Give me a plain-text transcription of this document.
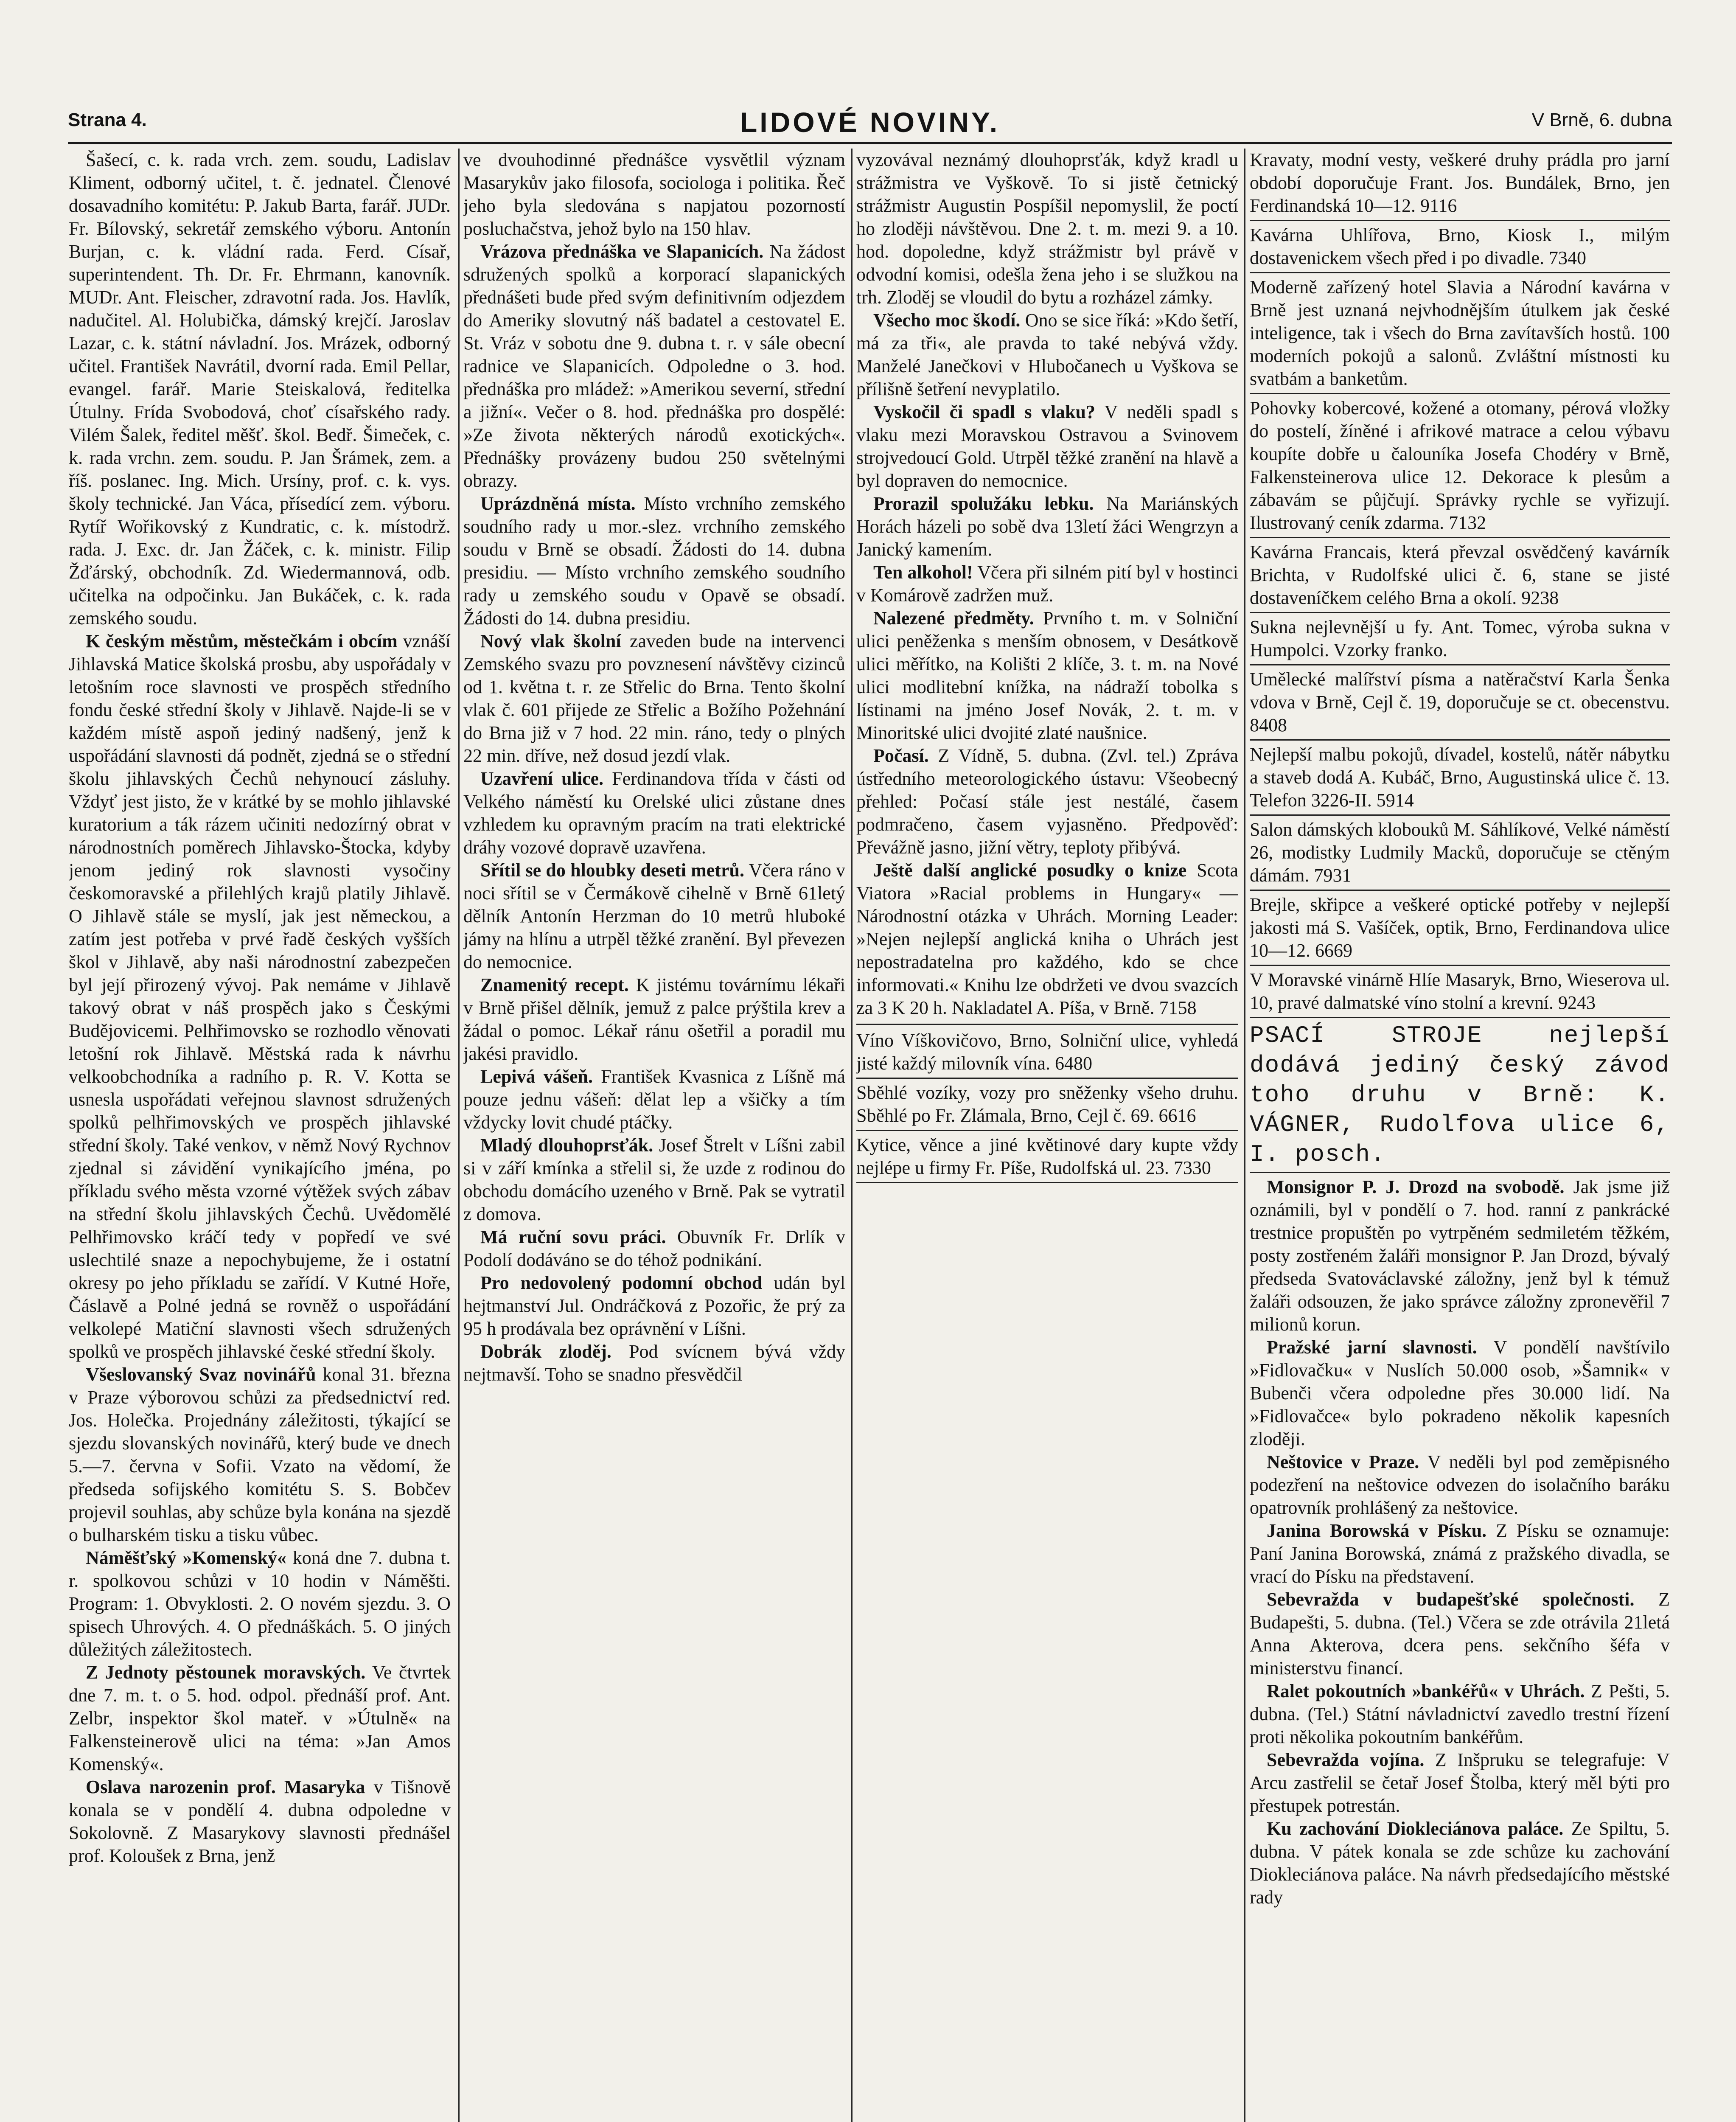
Strana 4.	LIDOVÉ NOVINY.	V Brně, 6. dubna

Šašecí, c. k. rada vrch. zem. soudu, Ladislav Kliment, odborný učitel, t. č. jednatel. Členové dosavadního komitétu: P. Jakub Barta, farář. JUDr. Fr. Bílovský, sekretář zemského výboru. Antonín Burjan, c. k. vládní rada. Ferd. Císař, superintendent. Th. Dr. Fr. Ehrmann, kanovník. MUDr. Ant. Fleischer, zdravotní rada. Jos. Havlík, nadučitel. Al. Holubička, dámský krejčí. Jaroslav Lazar, c. k. státní návladní. Jos. Mrázek, odborný učitel. František Navrátil, dvorní rada. Emil Pellar, evangel. farář. Marie Steiskalová, ředitelka Útulny. Frída Svobodová, choť císařského rady. Vilém Šalek, ředitel měšť. škol. Bedř. Šimeček, c. k. rada vrchn. zem. soudu. P. Jan Šrámek, zem. a říš. poslanec. Ing. Mich. Ursíny, prof. c. k. vys. školy technické. Jan Váca, přísedící zem. výboru. Rytíř Wořikovský z Kundratic, c. k. místodrž. rada. J. Exc. dr. Jan Žáček, c. k. ministr. Filip Žďárský, obchodník. Zd. Wiedermannová, odb. učitelka na odpočinku. Jan Bukáček, c. k. rada zemského soudu.

K českým městům, městečkám i obcím vznáší Jihlavská Matice školská prosbu, aby uspořádaly v letošním roce slavnosti ve prospěch středního fondu české střední školy v Jihlavě. Najde-li se v každém místě aspoň jediný nadšený, jenž k uspořádání slavnosti dá podnět, zjedná se o střední školu jihlavských Čechů nehynoucí zásluhy. Vždyť jest jisto, že v krátké by se mohlo jihlavské kuratorium a ták rázem učiniti nedozírný obrat v národnostních poměrech Jihlavsko-Štocka, kdyby jenom jediný rok slavnosti vysočiny českomoravské a přilehlých krajů platily Jihlavě. O Jihlavě stále se myslí, jak jest německou, a zatím jest potřeba v prvé řadě českých vyšších škol v Jihlavě, aby naši národnostní zabezpečen byl její přirozený vývoj. Pak nemáme v Jihlavě takový obrat v náš prospěch jako s Českými Budějovicemi. Pelhřimovsko se rozhodlo věnovati letošní rok Jihlavě. Městská rada k návrhu velkoobchodníka a radního p. R. V. Kotta se usnesla uspořádati veřejnou slavnost sdružených spolků pelhřimovských ve prospěch jihlavské střední školy. Také venkov, v němž Nový Rychnov zjednal si závidění vynikajícího jména, po příkladu svého města vzorné výtěžek svých zábav na střední školu jihlavských Čechů. Uvědomělé Pelhřimovsko kráčí tedy v popředí ve své uslechtilé snaze a nepochybujeme, že i ostatní okresy po jeho příkladu se zařídí. V Kutné Hoře, Čáslavě a Polné jedná se rovněž o uspořádání velkolepé Matiční slavnosti všech sdružených spolků ve prospěch jihlavské české střední školy.

Všeslovanský Svaz novinářů konal 31. března v Praze výborovou schůzi za předsednictví red. Jos. Holečka. Projednány záležitosti, týkající se sjezdu slovanských novinářů, který bude ve dnech 5.—7. června v Sofii. Vzato na vědomí, že předseda sofijského komitétu S. S. Bobčev projevil souhlas, aby schůze byla konána na sjezdě o bulharském tisku a tisku vůbec.

Náměšťský »Komenský« koná dne 7. dubna t. r. spolkovou schůzi v 10 hodin v Náměšti. Program: 1. Obvyklosti. 2. O novém sjezdu. 3. O spisech Uhrových. 4. O přednáškách. 5. O jiných důležitých záležitostech.

Z Jednoty pěstounek moravských. Ve čtvrtek dne 7. m. t. o 5. hod. odpol. přednáší prof. Ant. Zelbr, inspektor škol mateř. v »Útulně« na Falkensteinerově ulici na téma: »Jan Amos Komenský«.

Oslava narozenin prof. Masaryka v Tišnově konala se v pondělí 4. dubna odpoledne v Sokolovně. Z Masarykovy slavnosti přednášel prof. Koloušek z Brna, jenž

ve dvouhodinné přednášce vysvětlil význam Masarykův jako filosofa, sociologa i politika. Řeč jeho byla sledována s napjatou pozorností posluchačstva, jehož bylo na 150 hlav.

Vrázova přednáška ve Slapanicích. Na žádost sdružených spolků a korporací slapanických přednášeti bude před svým definitivním odjezdem do Ameriky slovutný náš badatel a cestovatel E. St. Vráz v sobotu dne 9. dubna t. r. v sále obecní radnice ve Slapanicích. Odpoledne o 3. hod. přednáška pro mládež: »Amerikou severní, střední a jižní«. Večer o 8. hod. přednáška pro dospělé: »Ze života některých národů exotických«. Přednášky provázeny budou 250 světelnými obrazy.

Uprázdněná místa. Místo vrchního zemského soudního rady u mor.-slez. vrchního zemského soudu v Brně se obsadí. Žádosti do 14. dubna presidiu. — Místo vrchního zemského soudního rady u zemského soudu v Opavě se obsadí. Žádosti do 14. dubna presidiu.

Nový vlak školní zaveden bude na intervenci Zemského svazu pro povznesení návštěvy cizinců od 1. května t. r. ze Střelic do Brna. Tento školní vlak č. 601 přijede ze Střelic a Božího Požehnání do Brna již v 7 hod. 22 min. ráno, tedy o plných 22 min. dříve, než dosud jezdí vlak.

Uzavření ulice. Ferdinandova třída v části od Velkého náměstí ku Orelské ulici zůstane dnes vzhledem ku opravným pracím na trati elektrické dráhy vozové dopravě uzavřena.

Sřítil se do hloubky deseti metrů. Včera ráno v noci sřítil se v Čermákově cihelně v Brně 61letý dělník Antonín Herzman do 10 metrů hluboké jámy na hlínu a utrpěl těžké zranění. Byl převezen do nemocnice.

Znamenitý recept. K jistému továrnímu lékaři v Brně přišel dělník, jemuž z palce prýštila krev a žádal o pomoc. Lékař ránu ošetřil a poradil mu jakési pravidlo.

Lepivá vášeň. František Kvasnica z Líšně má pouze jednu vášeň: dělat lep a všičky a tím vždycky lovit chudé ptáčky.

Mladý dlouhoprsťák. Josef Štrelt v Líšni zabil si v září kmínka a střelil si, že uzde z rodinou do obchodu domácího uzeného v Brně. Pak se vytratil z domova.

Má ruční sovu práci. Obuvník Fr. Drlík v Podolí dodáváno se do téhož podnikání.

Pro nedovolený podomní obchod udán byl hejtmanství Jul. Ondráčková z Pozořic, že prý za 95 h prodávala bez oprávnění v Líšni.

Dobrák zloděj. Pod svícnem bývá vždy nejtmavší. Toho se snadno přesvědčil

vyzovával neznámý dlouhoprsťák, když kradl u strážmistra ve Vyškově. To si jistě četnický strážmistr Augustin Pospíšil nepomyslil, že poctí ho zloději návštěvou. Dne 2. t. m. mezi 9. a 10. hod. dopoledne, když strážmistr byl právě v odvodní komisi, odešla žena jeho i se služkou na trh. Zloděj se vloudil do bytu a rozházel zámky.

Všecho moc škodí. Ono se sice říká: »Kdo šetří, má za tři«, ale pravda to také nebývá vždy. Manželé Janečkovi v Hlubočanech u Vyškova se přílišně šetření nevyplatilo.

Vyskočil či spadl s vlaku? V neděli spadl s vlaku mezi Moravskou Ostravou a Svinovem strojvedoucí Gold. Utrpěl těžké zranění na hlavě a byl dopraven do nemocnice.

Prorazil spolužáku lebku. Na Mariánských Horách házeli po sobě dva 13letí žáci Wengrzyn a Janický kamením.

Ten alkohol! Včera při silném pití byl v hostinci v Komárově zadržen muž.

Nalezené předměty. Prvního t. m. v Solniční ulici peněženka s menším obnosem, v Desátkově ulici měřítko, na Kolišti 2 klíče, 3. t. m. na Nové ulici modlitební knížka, na nádraží tobolka s lístinami na jméno Josef Novák, 2. t. m. v Minoritské ulici dvojité zlaté naušnice.

Počasí. Z Vídně, 5. dubna. (Zvl. tel.) Zpráva ústředního meteorologického ústavu: Všeobecný přehled: Počasí stále jest nestálé, časem podmračeno, časem vyjasněno. Předpověď: Převážně jasno, jižní větry, teploty přibývá.

Ještě další anglické posudky o knize Scota Viatora »Racial problems in Hungary« — Národnostní otázka v Uhrách. Morning Leader: »Nejen nejlepší anglická kniha o Uhrách jest nepostradatelna pro každého, kdo se chce informovati.« Knihu lze obdržeti ve dvou svazcích za 3 K 20 h. Nakladatel A. Píša, v Brně. 7158

Víno Víškovičovo, Brno, Solniční ulice, vyhledá jisté každý milovník vína. 6480

Sběhlé vozíky, vozy pro sněženky všeho druhu. Sběhlé po Fr. Zlámala, Brno, Cejl č. 69. 6616

Kytice, věnce a jiné květinové dary kupte vždy nejlépe u firmy Fr. Píše, Rudolfská ul. 23. 7330

Kravaty, modní vesty, veškeré druhy prádla pro jarní období doporučuje Frant. Jos. Bundálek, Brno, jen Ferdinandská 10—12. 9116

Kavárna Uhlířova, Brno, Kiosk I., milým dostavenickem všech před i po divadle. 7340

Moderně zařízený hotel Slavia a Národní kavárna v Brně jest uznaná nejvhodnějším útulkem jak české inteligence, tak i všech do Brna zavítavších hostů. 100 moderních pokojů a salonů. Zvláštní místnosti ku svatbám a banketům.

Pohovky kobercové, kožené a otomany, pérová vložky do postelí, žíněné i afrikové matrace a celou výbavu koupíte dobře u čalouníka Josefa Chodéry v Brně, Falkensteinerova ulice 12. Dekorace k plesům a zábavám se půjčují. Správky rychle se vyřizují. Ilustrovaný ceník zdarma. 7132

Kavárna Francais, která převzal osvědčený kavárník Brichta, v Rudolfské ulici č. 6, stane se jisté dostaveníčkem celého Brna a okolí. 9238

Sukna nejlevnější u fy. Ant. Tomec, výroba sukna v Humpolci. Vzorky franko.

Umělecké malířství písma a natěračství Karla Šenka vdova v Brně, Cejl č. 19, doporučuje se ct. obecenstvu. 8408

Nejlepší malbu pokojů, dívadel, kostelů, nátěr nábytku a staveb dodá A. Kubáč, Brno, Augustinská ulice č. 13. Telefon 3226-II. 5914

Salon dámských klobouků M. Sáhlíkové, Velké náměstí 26, modistky Ludmily Macků, doporučuje se ctěným dámám. 7931

Brejle, skřipce a veškeré optické potřeby v nejlepší jakosti má S. Vašíček, optik, Brno, Ferdinandova ulice 10—12. 6669

V Moravské vinárně Hlíe Masaryk, Brno, Wieserova ul. 10, pravé dalmatské víno stolní a krevní. 9243

PSACÍ STROJE nejlepší dodává jediný český závod toho druhu v Brně: K. VÁGNER, Rudolfova ulice 6, I. posch.

Monsignor P. J. Drozd na svobodě. Jak jsme již oznámili, byl v pondělí o 7. hod. ranní z pankrácké trestnice propuštěn po vytrpěném sedmiletém těžkém, posty zostřeném žaláři monsignor P. Jan Drozd, bývalý předseda Svatováclavské záložny, jenž byl k témuž žaláři odsouzen, že jako správce záložny zpronevěřil 7 milionů korun.

Pražské jarní slavnosti. V pondělí navštívilo »Fidlovačku« v Nuslích 50.000 osob, »Šamnik« v Bubenči včera odpoledne přes 30.000 lidí. Na »Fidlovačce« bylo pokradeno několik kapesních zloději.

Neštovice v Praze. V neděli byl pod zeměpisného podezření na neštovice odvezen do isolačního baráku opatrovník prohlášený za neštovice.

Janina Borowská v Písku. Z Písku se oznamuje: Paní Janina Borowská, známá z pražského divadla, se vrací do Písku na představení.

Sebevražda v budapešťské společnosti. Z Budapešti, 5. dubna. (Tel.) Včera se zde otrávila 21letá Anna Akterova, dcera pens. sekčního šéfa v ministerstvu financí.

Ralet pokoutních »bankéřů« v Uhrách. Z Pešti, 5. dubna. (Tel.) Státní návladnictví zavedlo trestní řízení proti několika pokoutním bankéřům.

Sebevražda vojína. Z Inšpruku se telegrafuje: V Arcu zastřelil se četař Josef Štolba, který měl býti pro přestupek potrestán.

Ku zachování Diokleciánova paláce. Ze Spiltu, 5. dubna. V pátek konala se zde schůze ku zachování Diokleciánova paláce. Na návrh předsedajícího městské rady
